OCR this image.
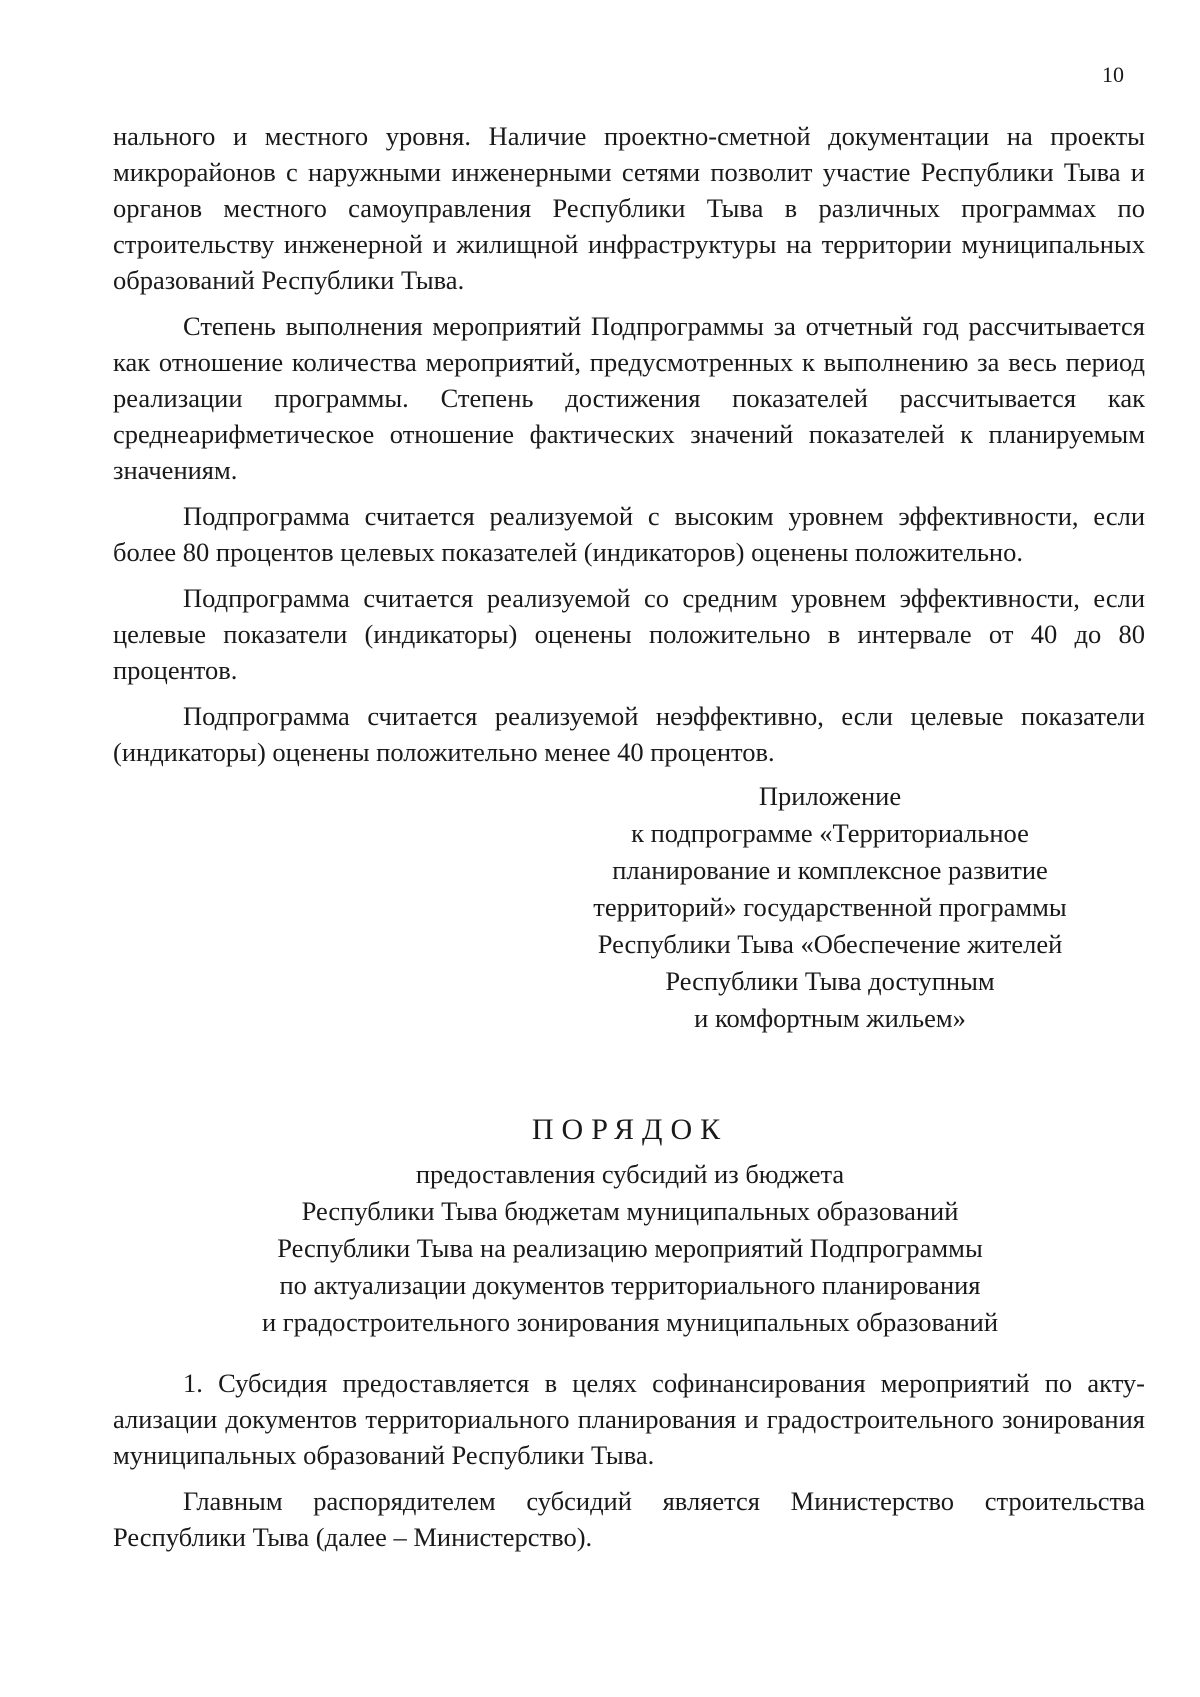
10

нального и местного уровня. Наличие проектно-сметной документации на проекты микрорайонов с наружными инженерными сетями позволит участие Республики Тыва и органов местного самоуправления Республики Тыва в различных программах по строительству инженерной и жилищной инфраструктуры на территории муниципальных образований Республики Тыва.

Степень выполнения мероприятий Подпрограммы за отчетный год рассчитывается как отношение количества мероприятий, предусмотренных к выполнению за весь период реализации программы. Степень достижения показателей рассчитывается как среднеарифметическое отношение фактических значений показателей к планируемым значениям.

Подпрограмма считается реализуемой с высоким уровнем эффективности, если более 80 процентов целевых показателей (индикаторов) оценены положительно.

Подпрограмма считается реализуемой со средним уровнем эффективности, если целевые показатели (индикаторы) оценены положительно в интервале от 40 до 80 процентов.

Подпрограмма считается реализуемой неэффективно, если целевые показатели (индикаторы) оценены положительно менее 40 процентов.

Приложение
к подпрограмме «Территориальное
планирование и комплексное развитие
территорий» государственной программы
Республики Тыва «Обеспечение жителей
Республики Тыва доступным
и комфортным жильем»
ПОРЯДОК
предоставления субсидий из бюджета
Республики Тыва бюджетам муниципальных образований
Республики Тыва на реализацию мероприятий Подпрограммы
по актуализации документов территориального планирования
и градостроительного зонирования муниципальных образований

1. Субсидия предоставляется в целях софинансирования мероприятий по актуализации документов территориального планирования и градостроительного зонирования муниципальных образований Республики Тыва.

Главным распорядителем субсидий является Министерство строительства Республики Тыва (далее – Министерство).
